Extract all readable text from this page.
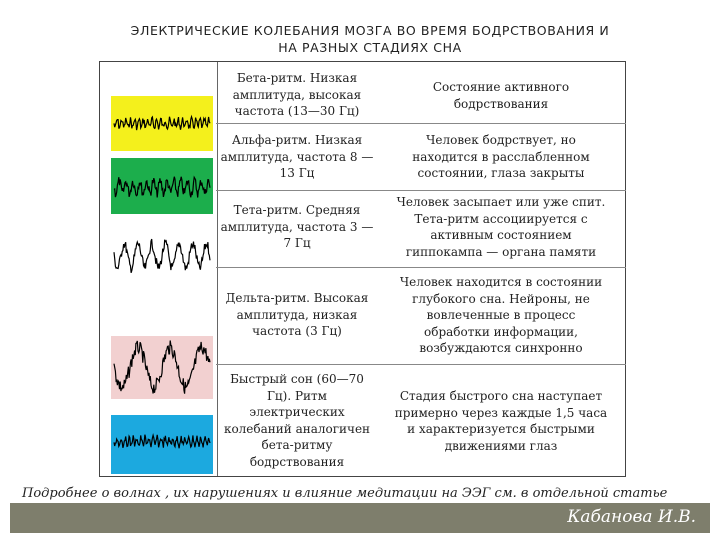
ЭЛЕКТРИЧЕСКИЕ КОЛЕБАНИЯ МОЗГА ВО ВРЕМЯ БОДРСТВОВАНИЯ И
НА РАЗНЫХ СТАДИЯХ СНА
Бета-ритм. Низкая амплитуда, высокая частота (13—30 Гц)
Состояние активного бодрствования
Альфа-ритм. Низкая амплитуда, частота 8 —13 Гц
Человек бодрствует, но находится в расслабленном состоянии, глаза закрыты
Тета-ритм. Средняя амплитуда, частота 3 —7 Гц
Человек засыпает или уже спит. Тета-ритм ассоциируется с активным состоянием гиппокампа — органа памяти
Дельта-ритм. Высокая амплитуда, низкая частота (3 Гц)
Человек находится в состоянии глубокого сна. Нейроны, не вовлеченные в процесс обработки информации, возбуждаются синхронно
Быстрый сон (60—70 Гц). Ритм электрических колебаний аналогичен бета-ритму бодрствования
Стадия быстрого сна наступает примерно через каждые 1,5 часа и характеризуется быстрыми движениями глаз
Подробнее о волнах , их нарушениях и влияние медитации на ЭЭГ см. в отдельной статье
Кабанова И.В.
